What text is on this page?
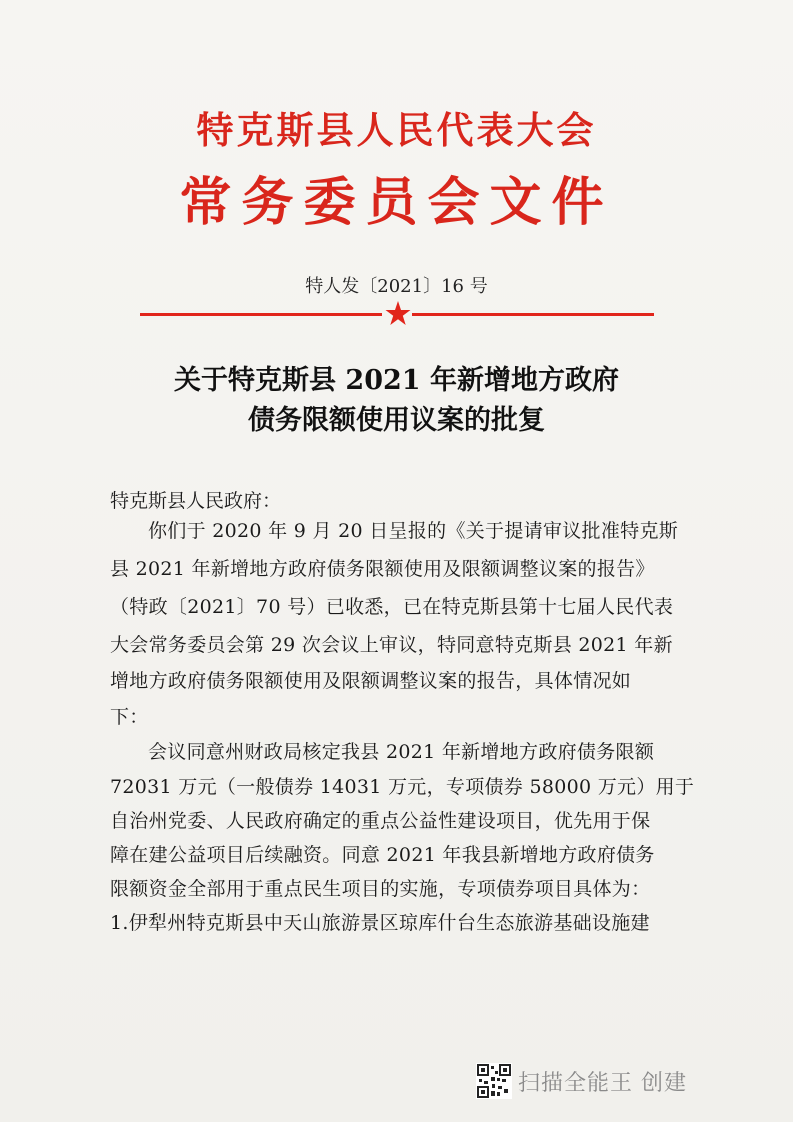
特克斯县人民代表大会
常务委员会文件
特人发〔2021〕16 号
关于特克斯县 2021 年新增地方政府
债务限额使用议案的批复
特克斯县人民政府：
你们于 2020 年 9 月 20 日呈报的《关于提请审议批准特克斯
县 2021 年新增地方政府债务限额使用及限额调整议案的报告》
（特政〔2021〕70 号）已收悉，已在特克斯县第十七届人民代表
大会常务委员会第 29 次会议上审议，特同意特克斯县 2021 年新
增地方政府债务限额使用及限额调整议案的报告，具体情况如
下：
会议同意州财政局核定我县 2021 年新增地方政府债务限额
72031 万元（一般债券 14031 万元，专项债券 58000 万元）用于
自治州党委、人民政府确定的重点公益性建设项目，优先用于保
障在建公益项目后续融资。同意 2021 年我县新增地方政府债务
限额资金全部用于重点民生项目的实施，专项债券项目具体为：
1.伊犁州特克斯县中天山旅游景区琼库什台生态旅游基础设施建
扫描全能王 创建
